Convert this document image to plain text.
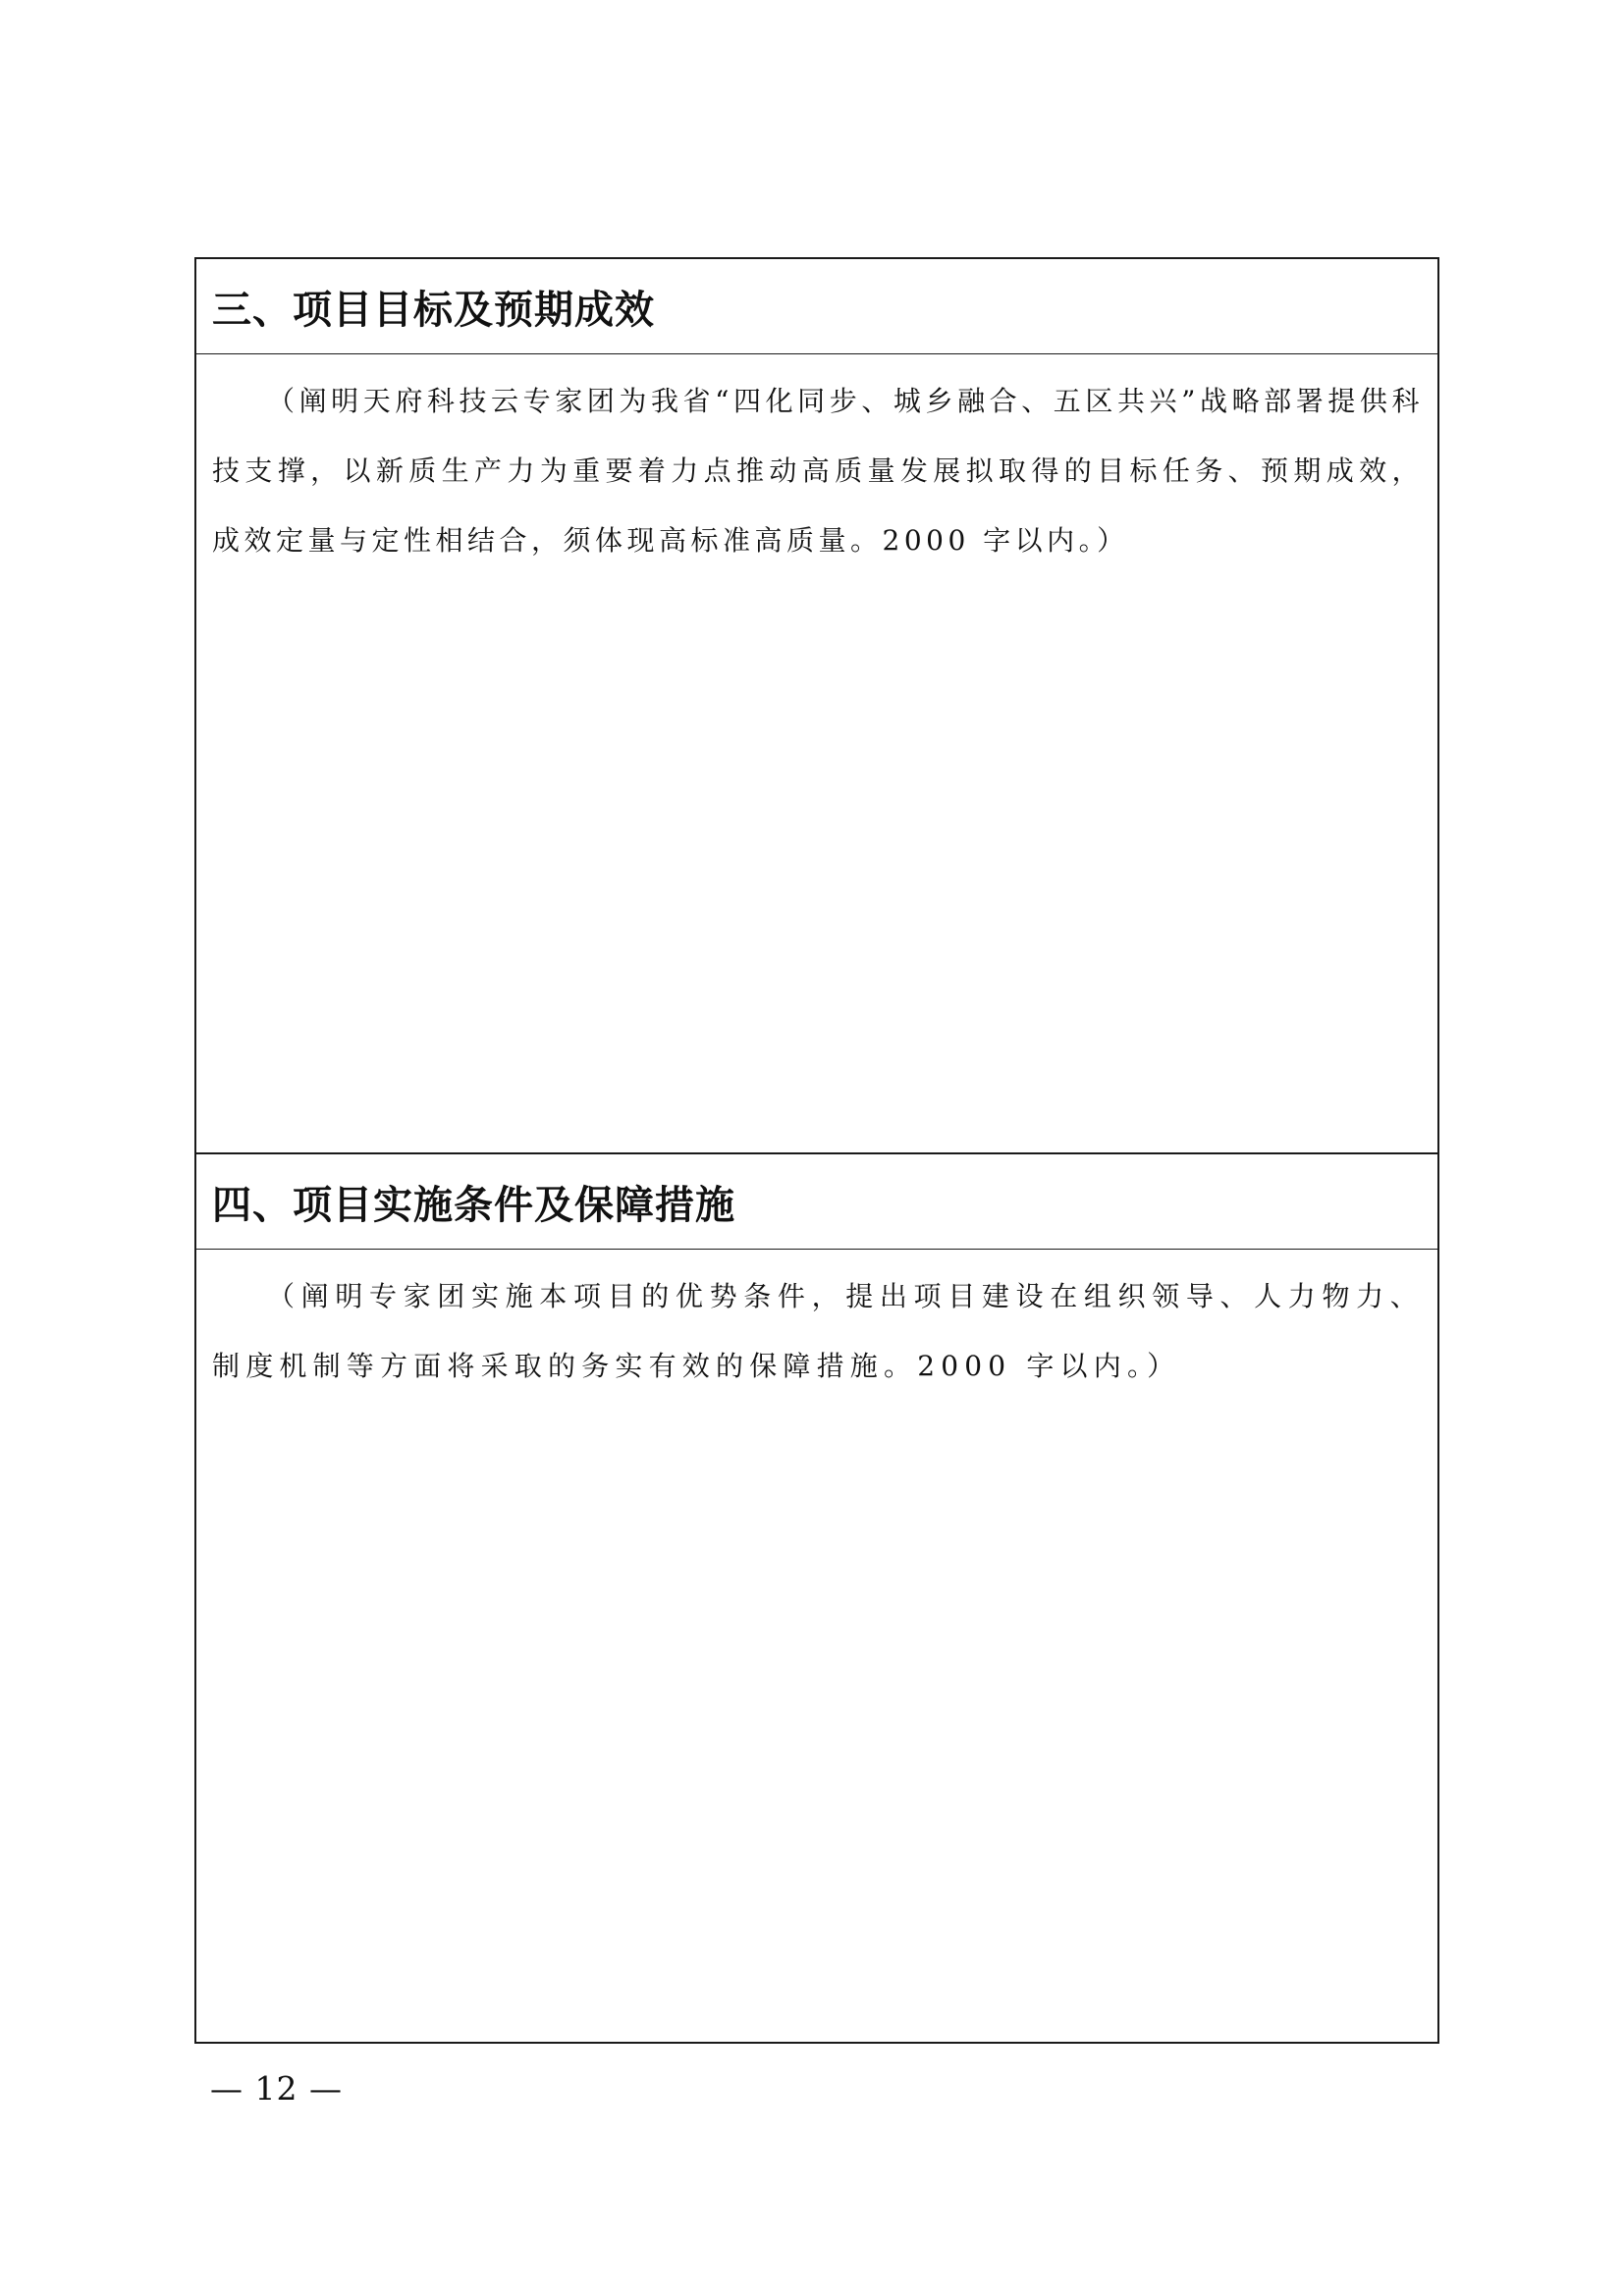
三、项目目标及预期成效
（阐明天府科技云专家团为我省“四化同步、城乡融合、五区共兴”战略部署提供科技支撑，以新质生产力为重要着力点推动高质量发展拟取得的目标任务、预期成效，成效定量与定性相结合，须体现高标准高质量。2000 字以内。）
四、项目实施条件及保障措施
（阐明专家团实施本项目的优势条件，提出项目建设在组织领导、人力物力、制度机制等方面将采取的务实有效的保障措施。2000 字以内。）
— 12 —
